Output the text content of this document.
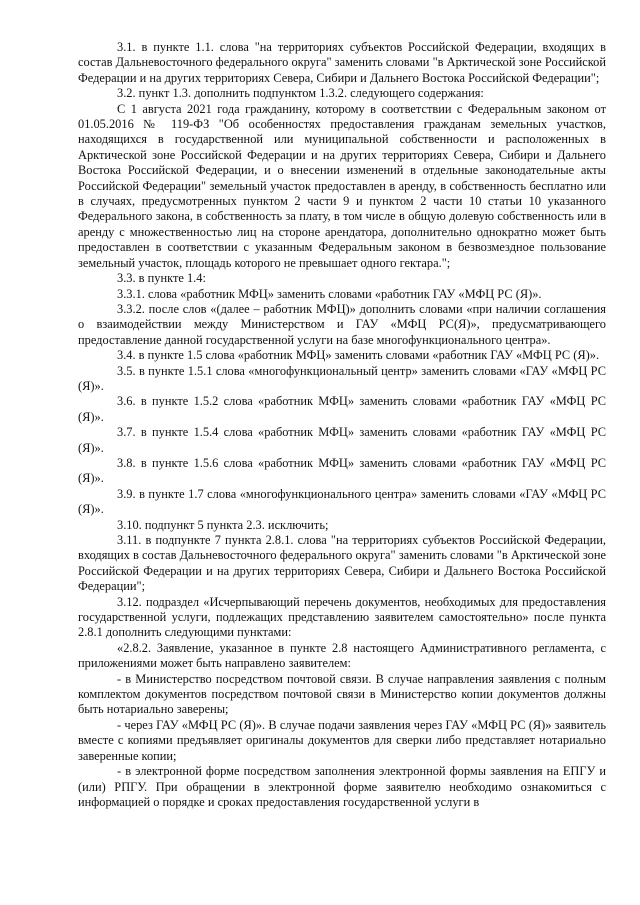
3.1. в пункте 1.1. слова "на территориях субъектов Российской Федерации, входящих в состав Дальневосточного федерального округа" заменить словами "в Арктической зоне Российской Федерации и на других территориях Севера, Сибири и Дальнего Востока Российской Федерации";

3.2. пункт 1.3. дополнить подпунктом 1.3.2. следующего содержания:

С 1 августа 2021 года гражданину, которому в соответствии с Федеральным законом от 01.05.2016 № 119-ФЗ "Об особенностях предоставления гражданам земельных участков, находящихся в государственной или муниципальной собственности и расположенных в Арктической зоне Российской Федерации и на других территориях Севера, Сибири и Дальнего Востока Российской Федерации, и о внесении изменений в отдельные законодательные акты Российской Федерации" земельный участок предоставлен в аренду, в собственность бесплатно или в случаях, предусмотренных пунктом 2 части 9 и пунктом 2 части 10 статьи 10 указанного Федерального закона, в собственность за плату, в том числе в общую долевую собственность или в аренду с множественностью лиц на стороне арендатора, дополнительно однократно может быть предоставлен в соответствии с указанным Федеральным законом в безвозмездное пользование земельный участок, площадь которого не превышает одного гектара.";

3.3. в пункте 1.4:

3.3.1. слова «работник МФЦ» заменить словами «работник ГАУ «МФЦ РС (Я)».

3.3.2. после слов «(далее – работник МФЦ)» дополнить словами «при наличии соглашения о взаимодействии между Министерством и ГАУ «МФЦ РС(Я)», предусматривающего предоставление данной государственной услуги на базе многофункционального центра».

3.4. в пункте 1.5 слова «работник МФЦ» заменить словами «работник ГАУ «МФЦ РС (Я)».

3.5. в пункте 1.5.1 слова «многофункциональный центр» заменить словами «ГАУ «МФЦ РС (Я)».

3.6. в пункте 1.5.2 слова «работник МФЦ» заменить словами «работник ГАУ «МФЦ РС (Я)».

3.7. в пункте 1.5.4 слова «работник МФЦ» заменить словами «работник ГАУ «МФЦ РС (Я)».

3.8. в пункте 1.5.6 слова «работник МФЦ» заменить словами «работник ГАУ «МФЦ РС (Я)».

3.9. в пункте 1.7 слова «многофункционального центра» заменить словами «ГАУ «МФЦ РС (Я)».

3.10. подпункт 5 пункта 2.3. исключить;

3.11. в подпункте 7 пункта 2.8.1. слова "на территориях субъектов Российской Федерации, входящих в состав Дальневосточного федерального округа" заменить словами "в Арктической зоне Российской Федерации и на других территориях Севера, Сибири и Дальнего Востока Российской Федерации";

3.12. подраздел «Исчерпывающий перечень документов, необходимых для предоставления государственной услуги, подлежащих представлению заявителем самостоятельно» после пункта 2.8.1 дополнить следующими пунктами:

«2.8.2. Заявление, указанное в пункте 2.8 настоящего Административного регламента, с приложениями может быть направлено заявителем:

- в Министерство посредством почтовой связи. В случае направления заявления с полным комплектом документов посредством почтовой связи в Министерство копии документов должны быть нотариально заверены;

- через ГАУ «МФЦ РС (Я)». В случае подачи заявления через ГАУ «МФЦ РС (Я)» заявитель вместе с копиями предъявляет оригиналы документов для сверки либо представляет нотариально заверенные копии;

- в электронной форме посредством заполнения электронной формы заявления на ЕПГУ и (или) РПГУ. При обращении в электронной форме заявителю необходимо ознакомиться с информацией о порядке и сроках предоставления государственной услуги в
